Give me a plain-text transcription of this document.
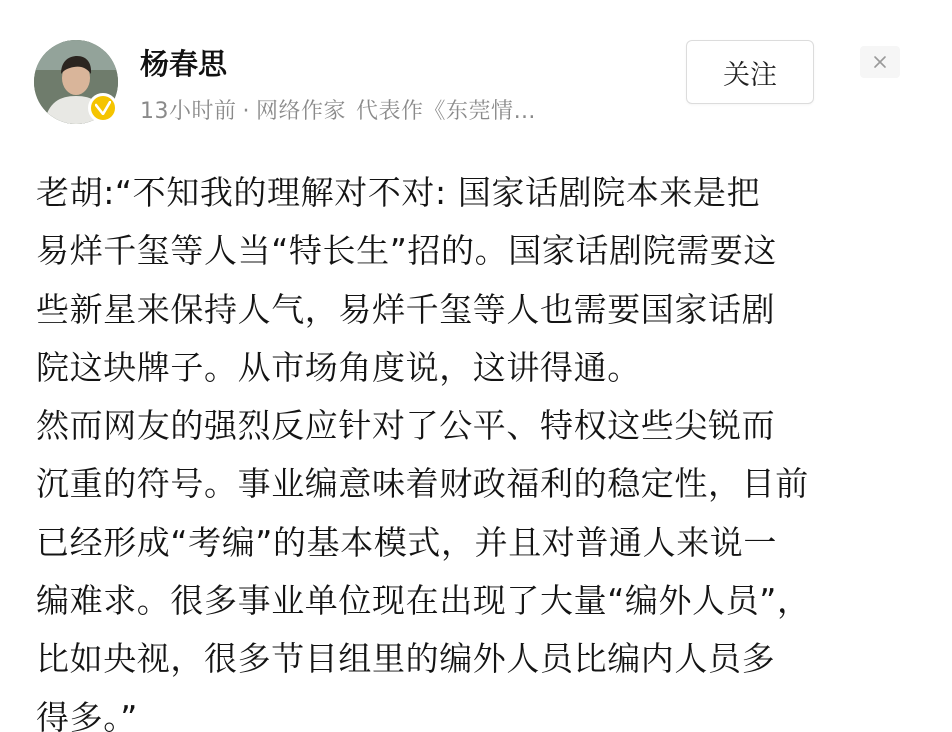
杨春思
13小时前 · 网络作家 代表作《东莞情…
关注
老胡:“不知我的理解对不对: 国家话剧院本来是把
易烊千玺等人当“特长生”招的。国家话剧院需要这
些新星来保持人气，易烊千玺等人也需要国家话剧
院这块牌子。从市场角度说，这讲得通。
然而网友的强烈反应针对了公平、特权这些尖锐而
沉重的符号。事业编意味着财政福利的稳定性，目前
已经形成“考编”的基本模式，并且对普通人来说一
编难求。很多事业单位现在出现了大量“编外人员”，
比如央视，很多节目组里的编外人员比编内人员多
得多。”
